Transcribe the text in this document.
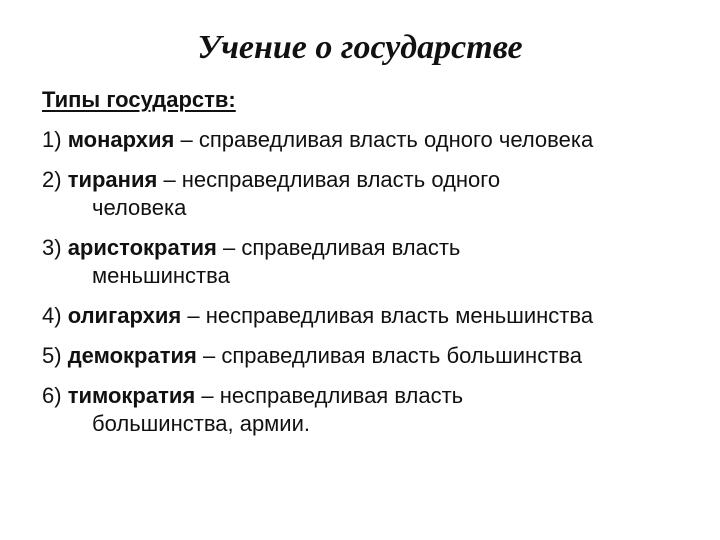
Учение о государстве
Типы государств:
1) монархия – справедливая власть одного человека
2) тирания – несправедливая власть одного
человека
3) аристократия – справедливая власть
меньшинства
4) олигархия – несправедливая власть меньшинства
5) демократия – справедливая власть большинства
6) тимократия – несправедливая власть
большинства, армии.
